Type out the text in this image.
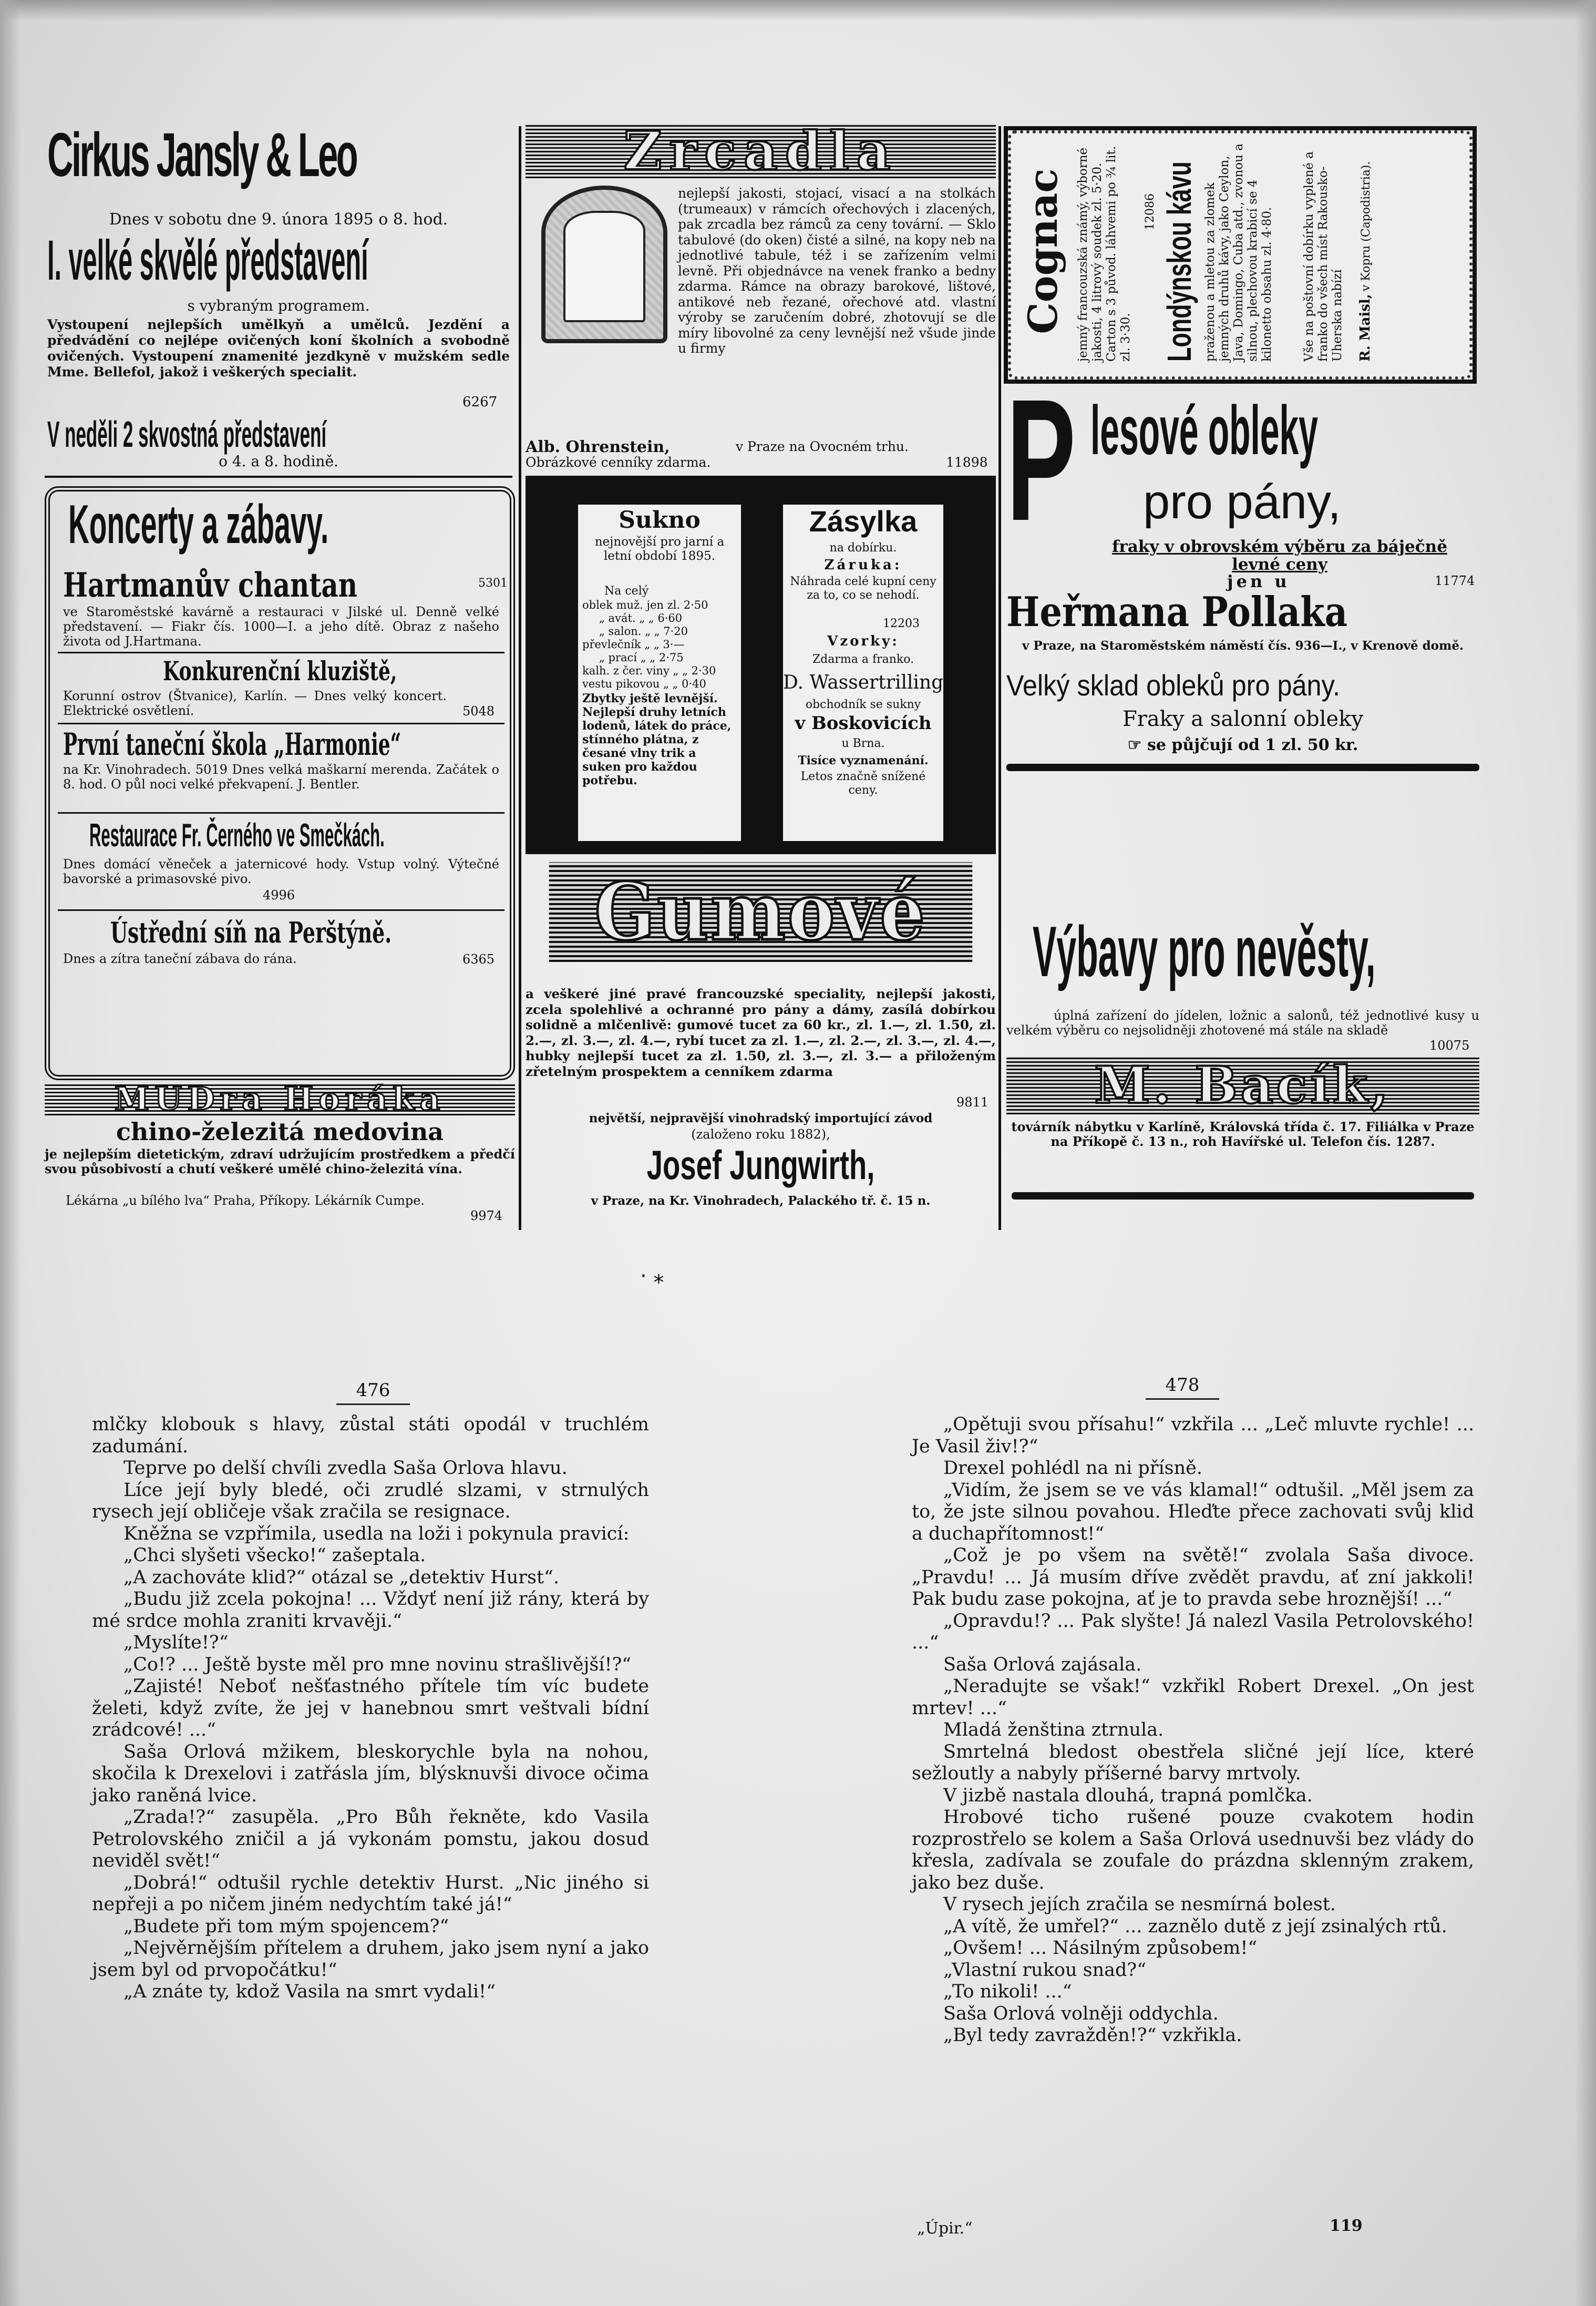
Cirkus Jansly & Leo
Dnes v sobotu dne 9. února 1895 o 8. hod.
I. velké skvělé představení
s vybraným programem.
Vystoupení nejlepších umělkyň a umělců. Jezdění a předvádění co nejlépe ovičených koní školních a svobodně ovičených. Vystoupení znamenité jezdkyně v mužském sedle Mme. Bellefol, jakož i veškerých specialit.
6267
V neděli 2 skvostná představení
o 4. a 8. hodině.
Koncerty a zábavy.
Hartmanův chantan	5301
ve Staroměstské kavárně a restauraci v Jilské ul. Denně velké představení. — Fiakr čís. 1000—I. a jeho dítě. Obraz z našeho života od J.Hartmana.
Konkurenční kluziště,
Korunní ostrov (Štvanice), Karlín. — Dnes velký koncert. Elektrické osvětlení.	5048
První taneční škola „Harmonie“
na Kr. Vinohradech. 5019 Dnes velká maškarní merenda. Začátek o 8. hod. O půl noci velké překvapení. J. Bentler.
Restaurace Fr. Černého ve Smečkách.
Dnes domácí věneček a jaternicové hody. Vstup volný. Výtečné bavorské a primasovské pivo.
4996
Ústřední síň na Perštýně.
Dnes a zítra taneční zábava do rána.	6365
MUDra Horáka
chino-železitá medovina
je nejlepším dietetickým, zdraví udržujícím prostředkem a předčí svou působivostí a chutí veškeré umělé chino-železitá vína.
Lékárna „u bílého lva“ Praha, Příkopy. Lékárník Cumpe.
9974
Zrcadla
nejlepší jakosti, stojací, visací a na stolkách (trumeaux) v rámcích ořechových i zlacených, pak zrcadla bez rámců za ceny tovární. — Sklo tabulové (do oken) čisté a silné, na kopy neb na jednotlivé tabule, též i se zařízením velmi levně. Při objednávce na venek franko a bedny zdarma. Rámce na obrazy barokové, lištové, antikové neb řezané, ořechové atd. vlastní výroby se zaručením dobré, zhotovují se dle míry libovolné za ceny levnější než všude jinde u firmy
Alb. Ohrenstein,	v Praze na Ovocném trhu.
Obrázkové cenníky zdarma.	11898
Sukno
nejnovější pro jarní a letní období 1895.
Na celý
oblek muž. jen zl. 2·50
„ avát. „ „ 6·60
„ salon. „ „ 7·20
převlečník „ „ 3·—
„ prací „ „ 2·75
kalh. z čer. viny „ „ 2·30
vestu pikovou „ „ 0·40
Zbytky ještě levnější. Nejlepší druhy letních lodenů, látek do práce, stínného plátna, z česané vlny trik a suken pro každou potřebu.
Zásylka
na dobírku.
Záruka:
Náhrada celé kupní ceny za to, co se nehodí.
12203
Vzorky:
Zdarma a franko.
D. Wassertrilling,
obchodník se sukny
v Boskovicích
u Brna.
Tisíce vyznamenání.
Letos značně snížené ceny.
Gumové
a veškeré jiné pravé francouzské speciality, nejlepší jakosti, zcela spolehlivé a ochranné pro pány a dámy, zasílá dobírkou solidně a mlčenlivě: gumové tucet za 60 kr., zl. 1.—, zl. 1.50, zl. 2.—, zl. 3.—, zl. 4.—, rybí tucet za zl. 1.—, zl. 2.—, zl. 3.—, zl. 4.—, hubky nejlepší tucet za zl. 1.50, zl. 3.—, zl. 3.— a přiloženým zřetelným prospektem a cenníkem zdarma
9811
největší, nejpravější vinohradský importující závod
(založeno roku 1882),
Josef Jungwirth,
v Praze, na Kr. Vinohradech, Palackého tř. č. 15 n.
Cognac jemný francouzská známý, výborné jakosti, 4 litrový soudek zl. 5·20. Carton s 3 původ. láhvemi po ¾ lit. zl. 3·30.
12086 Londýnskou kávu praženou a mletou za zlomek jemných druhů kávy, jako Ceylon, Java, Domingo, Cuba atd., zvonou a silnou, plechovou krabicí se 4 kilonetto obsahu zl. 4·80. Vše na poštovní dobírku vyplené a franko do všech míst Rakousko-Uherska nabízí R. Maisl, v Kopru (Capodistria).
P lesové obleky
pro pány,
fraky v obrovském výběru za báječně levné ceny
jen u	11774
Heřmana Pollaka
v Praze, na Staroměstském náměstí čís. 936—I., v Krenově domě.
Velký sklad obleků pro pány.
Fraky a salonní obleky
☞ se půjčují od 1 zl. 50 kr.
Výbavy pro nevěsty,
úplná zařízení do jídelen, ložnic a salonů, též jednotlivé kusy u velkém výběru co nejsolidněji zhotovené má stále na skladě
10075
M. Bacík,
továrník nábytku v Karlíně, Královská třída č. 17. Filiálka v Praze na Příkopě č. 13 n., roh Havířské ul. Telefon čís. 1287.
· ⁎
476	478

mlčky klobouk s hlavy, zůstal státi opodál v truchlém zadumání.

Teprve po delší chvíli zvedla Saša Orlova hlavu.

Líce její byly bledé, oči zrudlé slzami, v strnulých rysech její obličeje však zračila se resignace.

Kněžna se vzpřímila, usedla na loži i pokynula pravicí:

„Chci slyšeti všecko!“ zašeptala.

„A zachováte klid?“ otázal se „detektiv Hurst“.

„Budu již zcela pokojna! ... Vždyť není již rány, která by mé srdce mohla zraniti krvavěji.“

„Myslíte!?“

„Co!? ... Ještě byste měl pro mne novinu strašlivější!?“

„Zajisté! Neboť nešťastného přítele tím víc budete želeti, když zvíte, že jej v hanebnou smrt veštvali bídní zrádcové! ...“

Saša Orlová mžikem, bleskorychle byla na nohou, skočila k Drexelovi i zatřásla jím, blýsknuvši divoce očima jako raněná lvice.

„Zrada!?“ zasupěla. „Pro Bůh řekněte, kdo Vasila Petrolovského zničil a já vykonám pomstu, jakou dosud neviděl svět!“

„Dobrá!“ odtušil rychle detektiv Hurst. „Nic jiného si nepřeji a po ničem jiném nedychtím také já!“

„Budete při tom mým spojencem?“

„Nejvěrnějším přítelem a druhem, jako jsem nyní a jako jsem byl od prvopočátku!“

„A znáte ty, kdož Vasila na smrt vydali!“

„Opětuji svou přísahu!“ vzkřila ... „Leč mluvte rychle! ... Je Vasil živ!?“

Drexel pohlédl na ni přísně.

„Vidím, že jsem se ve vás klamal!“ odtušil. „Měl jsem za to, že jste silnou povahou. Hleďte přece zachovati svůj klid a duchapřítomnost!“

„Což je po všem na světě!“ zvolala Saša divoce. „Pravdu! ... Já musím dříve zvědět pravdu, ať zní jakkoli! Pak budu zase pokojna, ať je to pravda sebe hroznější! ...“

„Opravdu!? ... Pak slyšte! Já nalezl Vasila Petrolovského! ...“

Saša Orlová zajásala.

„Neradujte se však!“ vzkřikl Robert Drexel. „On jest mrtev! ...“

Mladá ženština ztrnula.

Smrtelná bledost obestřela sličné její líce, které sežloutly a nabyly příšerné barvy mrtvoly.

V jizbě nastala dlouhá, trapná pomlčka.

Hrobové ticho rušené pouze cvakotem hodin rozprostřelo se kolem a Saša Orlová usednuvši bez vlády do křesla, zadívala se zoufale do prázdna sklenným zrakem, jako bez duše.

V rysech jejích zračila se nesmírná bolest.

„A vítě, že umřel?“ ... zaznělo dutě z její zsinalých rtů.

„Ovšem! ... Násilným způsobem!“

„Vlastní rukou snad?“

„To nikoli! ...“

Saša Orlová volněji oddychla.

„Byl tedy zavražděn!?“ vzkřikla.

„Úpir.“	119
